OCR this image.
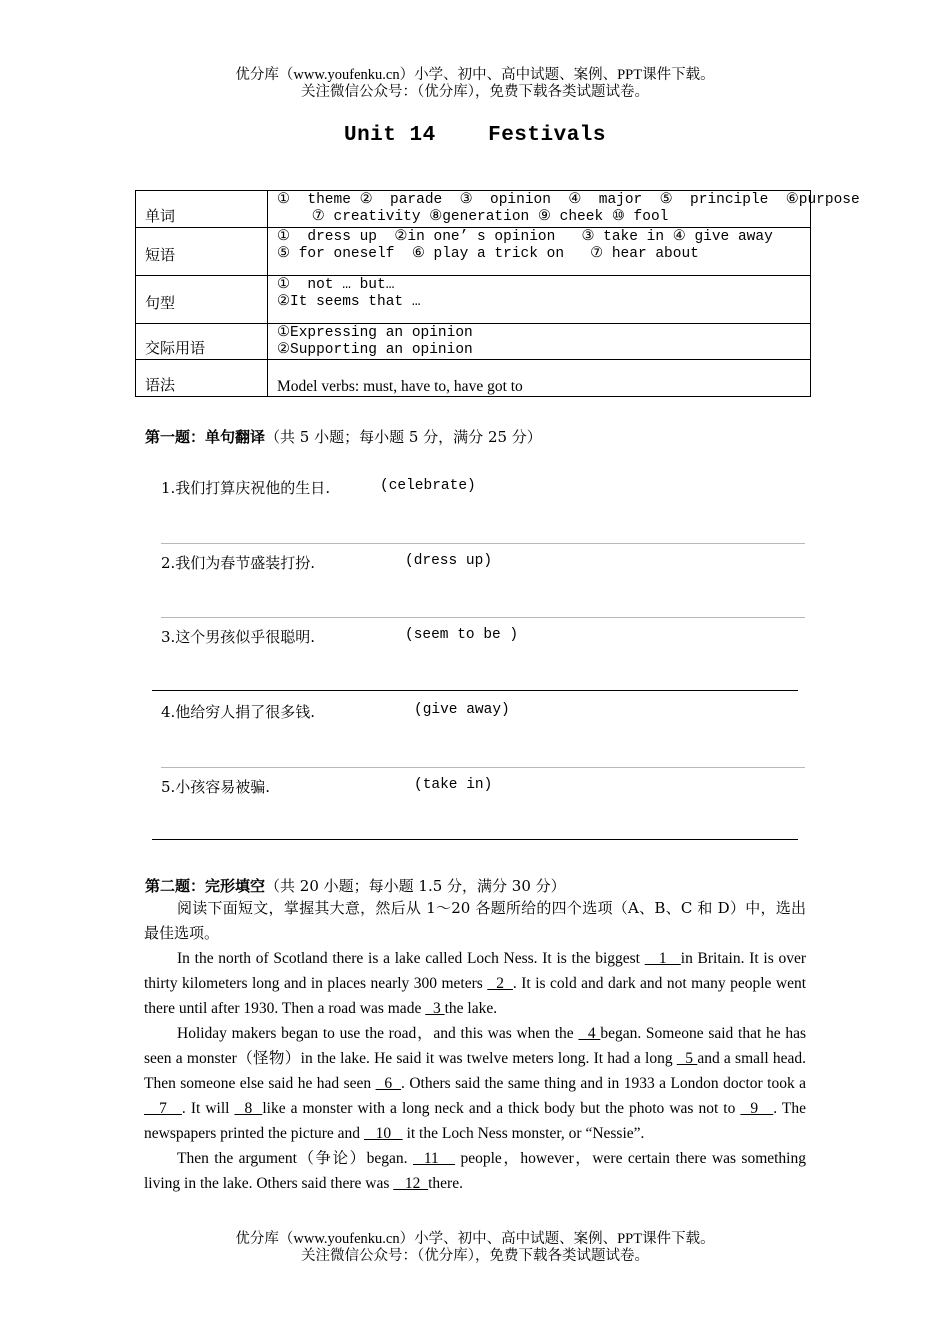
优分库（www.youfenku.cn）小学、初中、高中试题、案例、PPT课件下载。
关注微信公众号：（优分库），免费下载各类试题试卷。
Unit 14    Festivals
单词	①  theme ②  parade  ③  opinion  ④  major  ⑤  principle  ⑥purpose
⑦ creativity ⑧generation ⑨ cheek ⑩ fool

短语	①  dress up  ②in one’ s opinion   ③ take in ④ give away
⑤ for oneself  ⑥ play a trick on   ⑦ hear about

句型	①  not … but…
②It seems that …

交际用语	①Expressing an opinion
②Supporting an opinion

语法	Model verbs: must, have to, have got to
第一题：单句翻译（共 5 小题；每小题 5 分，满分 25 分）
1.我们打算庆祝他的生日.	(celebrate)
2.我们为春节盛装打扮.	(dress up)
3.这个男孩似乎很聪明.	(seem to be )
4.他给穷人捐了很多钱.	(give away)
5.小孩容易被骗.	(take in)
第二题：完形填空（共 20 小题；每小题 1.5 分，满分 30 分）

阅读下面短文，掌握其大意，然后从 1～20 各题所给的四个选项（A、B、C 和 D）中，选出最佳选项。

In the north of Scotland there is a lake called Loch Ness. It is the biggest    1   in Britain. It is over thirty kilometers long and in places nearly 300 meters   2  . It is cold and dark and not many people went there until after 1930. Then a road was made   3 the lake.

Holiday makers began to use the road，and this was when the   4 began. Someone said that he has seen a monster（怪物）in the lake. He said it was twelve meters long. It had a long   5 and a small head. Then someone else said he had seen   6  . Others said the same thing and in 1933 a London doctor took a    7   . It will   8  like a monster with a long neck and a thick body but the photo was not to   9   . The newspapers printed the picture and    10    it the Loch Ness monster, or “Nessie”.

Then the argument（争论）began.   11    people，however，were certain there was something living in the lake. Others said there was    12  there.

优分库（www.youfenku.cn）小学、初中、高中试题、案例、PPT课件下载。
关注微信公众号：（优分库），免费下载各类试题试卷。
